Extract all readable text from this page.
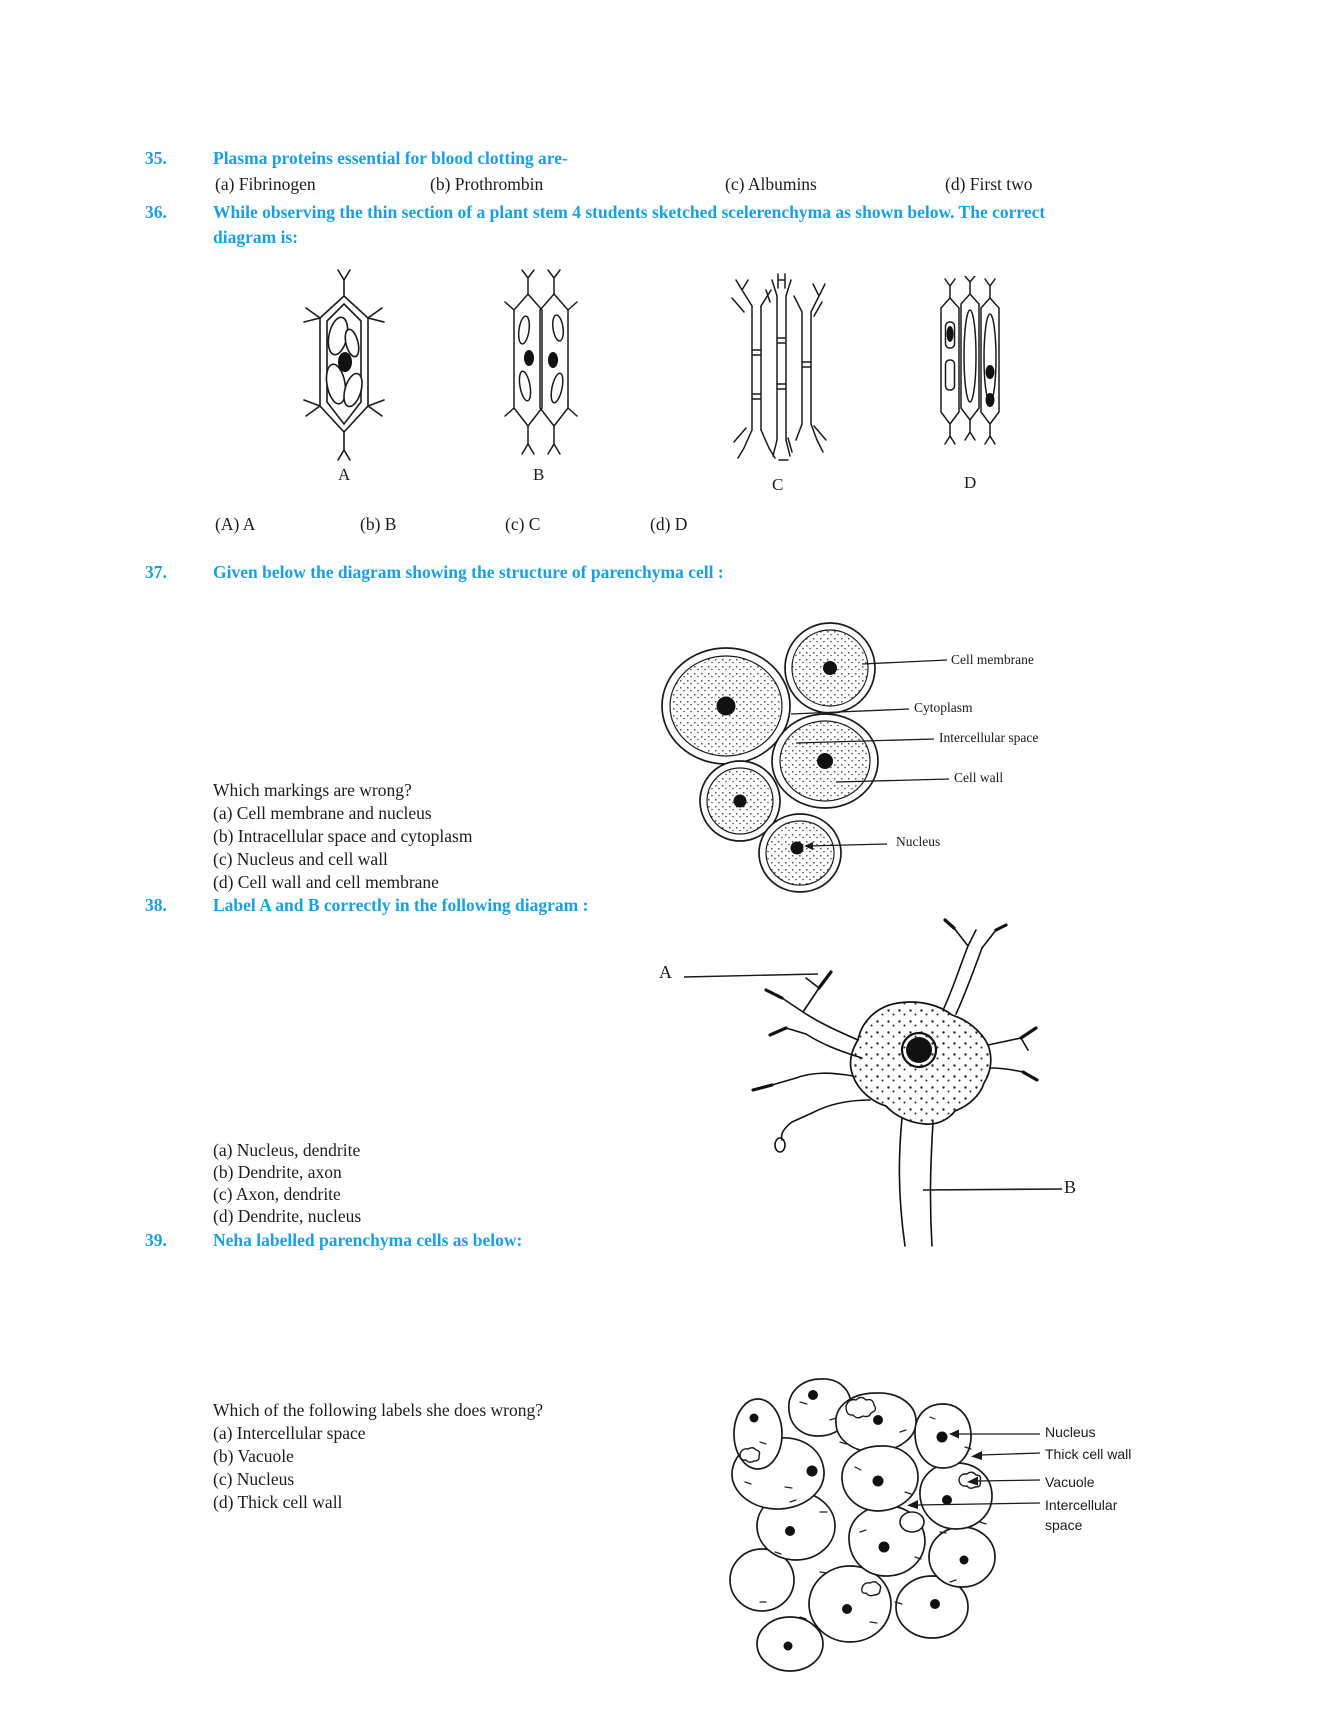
35.	Plasma proteins essential for blood clotting are-
(a) Fibrinogen	(b) Prothrombin	(c) Albumins	(d) First two
36.	While observing the thin section of a plant stem 4 students sketched scelerenchyma as shown below. The correct
diagram is:
A	B
C	D
(A) A	(b) B	(c) C	(d) D
37.	Given below the diagram showing the structure of parenchyma cell :
Cell membrane
Cytoplasm
Intercellular space
Cell wall
Nucleus
Which markings are wrong?
(a) Cell membrane and nucleus
(b) Intracellular space and cytoplasm
(c) Nucleus and cell wall
(d) Cell wall and cell membrane
38.	Label A and B correctly in the following diagram :
A
B
(a) Nucleus, dendrite
(b) Dendrite, axon
(c) Axon, dendrite
(d) Dendrite, nucleus
39.	Neha labelled parenchyma cells as below:
Nucleus
Thick cell wall
Vacuole
Intercellular
space
Which of the following labels she does wrong?
(a) Intercellular space
(b) Vacuole
(c) Nucleus
(d) Thick cell wall
